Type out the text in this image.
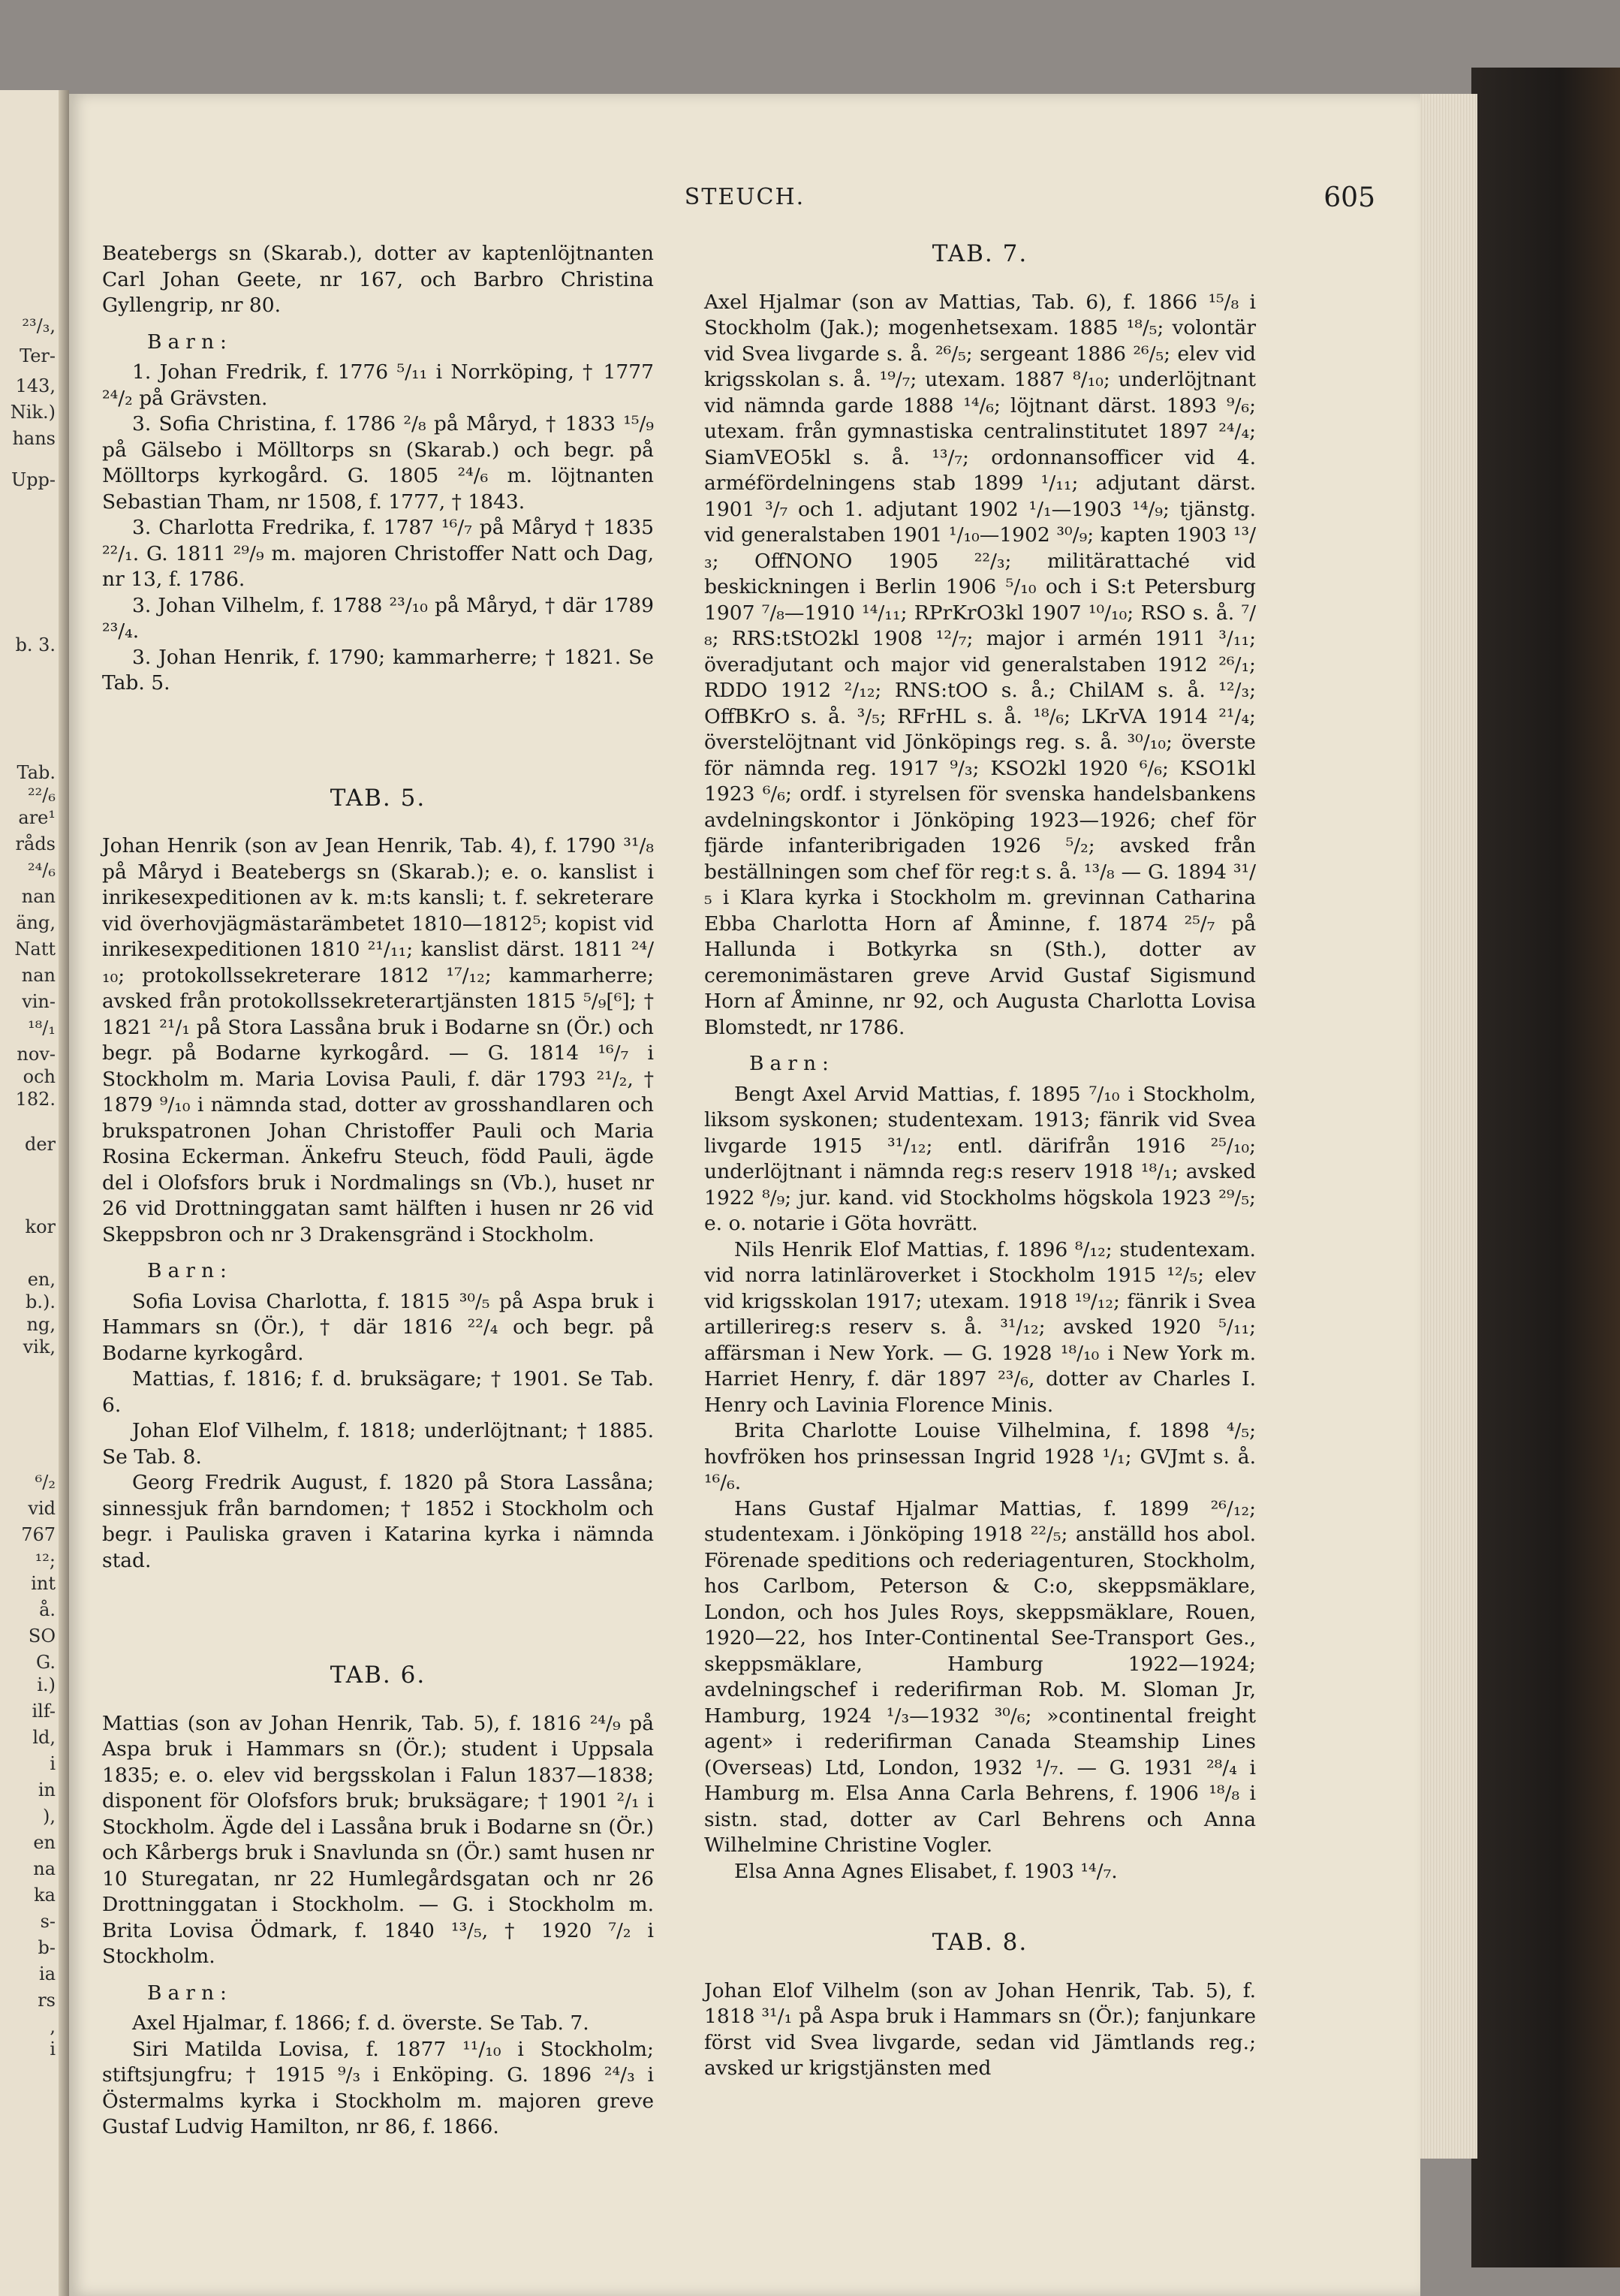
²³/₃,
Ter-
143,
Nik.)
hans
Upp-
b. 3.
Tab.
²²/₆
are¹
råds
²⁴/₆
nan
äng,
Natt
nan
vin-
¹⁸/₁
nov-
och
182.
der
kor
en,
b.).
ng,
vik,
⁶/₂
vid
767
¹²;
int
å.
SO
G.
i.)
ilf-
ld,
i
in
),
en
na
ka
s-
b-
ia
rs
,
i
STEUCH.	605

Beatebergs sn (Skarab.), dotter av kaptenlöjtnanten Carl Johan Geete, nr 167, och Barbro Christina Gyllengrip, nr 80.

Barn:

1. Johan Fredrik, f. 1776 ⁵/₁₁ i Norrköping, † 1777 ²⁴/₂ på Grävsten.

3. Sofia Christina, f. 1786 ²/₈ på Måryd, † 1833 ¹⁵/₉ på Gälsebo i Mölltorps sn (Skarab.) och begr. på Mölltorps kyrkogård. G. 1805 ²⁴/₆ m. löjtnanten Sebastian Tham, nr 1508, f. 1777, † 1843.

3. Charlotta Fredrika, f. 1787 ¹⁶/₇ på Måryd † 1835 ²²/₁. G. 1811 ²⁹/₉ m. majoren Christoffer Natt och Dag, nr 13, f. 1786.

3. Johan Vilhelm, f. 1788 ²³/₁₀ på Måryd, † där 1789 ²³/₄.

3. Johan Henrik, f. 1790; kammarherre; † 1821. Se Tab. 5.

TAB. 5.

Johan Henrik (son av Jean Henrik, Tab. 4), f. 1790 ³¹/₈ på Måryd i Beatebergs sn (Skarab.); e. o. kanslist i inrikesexpeditionen av k. m:ts kansli; t. f. sekreterare vid överhovjägmästarämbetet 1810—1812⁵; kopist vid inrikesexpeditionen 1810 ²¹/₁₁; kanslist därst. 1811 ²⁴/₁₀; protokollssekreterare 1812 ¹⁷/₁₂; kammarherre; avsked från protokollssekreterartjänsten 1815 ⁵/₉[⁶]; † 1821 ²¹/₁ på Stora Lassåna bruk i Bodarne sn (Ör.) och begr. på Bodarne kyrkogård. — G. 1814 ¹⁶/₇ i Stockholm m. Maria Lovisa Pauli, f. där 1793 ²¹/₂, † 1879 ⁹/₁₀ i nämnda stad, dotter av grosshandlaren och brukspatronen Johan Christoffer Pauli och Maria Rosina Eckerman. Änkefru Steuch, född Pauli, ägde del i Olofsfors bruk i Nordmalings sn (Vb.), huset nr 26 vid Drottninggatan samt hälften i husen nr 26 vid Skeppsbron och nr 3 Drakensgränd i Stockholm.

Barn:

Sofia Lovisa Charlotta, f. 1815 ³⁰/₅ på Aspa bruk i Hammars sn (Ör.), † där 1816 ²²/₄ och begr. på Bodarne kyrkogård.

Mattias, f. 1816; f. d. bruksägare; † 1901. Se Tab. 6.

Johan Elof Vilhelm, f. 1818; underlöjtnant; † 1885. Se Tab. 8.

Georg Fredrik August, f. 1820 på Stora Lassåna; sinnessjuk från barndomen; † 1852 i Stockholm och begr. i Pauliska graven i Katarina kyrka i nämnda stad.

TAB. 6.

Mattias (son av Johan Henrik, Tab. 5), f. 1816 ²⁴/₉ på Aspa bruk i Hammars sn (Ör.); student i Uppsala 1835; e. o. elev vid bergsskolan i Falun 1837—1838; disponent för Olofsfors bruk; bruksägare; † 1901 ²/₁ i Stockholm. Ägde del i Lassåna bruk i Bodarne sn (Ör.) och Kårbergs bruk i Snavlunda sn (Ör.) samt husen nr 10 Sturegatan, nr 22 Humlegårdsgatan och nr 26 Drottninggatan i Stockholm. — G. i Stockholm m. Brita Lovisa Ödmark, f. 1840 ¹³/₅, † 1920 ⁷/₂ i Stockholm.

Barn:

Axel Hjalmar, f. 1866; f. d. överste. Se Tab. 7.

Siri Matilda Lovisa, f. 1877 ¹¹/₁₀ i Stockholm; stiftsjungfru; † 1915 ⁹/₃ i Enköping. G. 1896 ²⁴/₃ i Östermalms kyrka i Stockholm m. majoren greve Gustaf Ludvig Hamilton, nr 86, f. 1866.

TAB. 7.

Axel Hjalmar (son av Mattias, Tab. 6), f. 1866 ¹⁵/₈ i Stockholm (Jak.); mogenhetsexam. 1885 ¹⁸/₅; volontär vid Svea livgarde s. å. ²⁶/₅; sergeant 1886 ²⁶/₅; elev vid krigsskolan s. å. ¹⁹/₇; utexam. 1887 ⁸/₁₀; underlöjtnant vid nämnda garde 1888 ¹⁴/₆; löjtnant därst. 1893 ⁹/₆; utexam. från gymnastiska centralinstitutet 1897 ²⁴/₄; SiamVEO5kl s. å. ¹³/₇; ordonnansofficer vid 4. arméfördelningens stab 1899 ¹/₁₁; adjutant därst. 1901 ³/₇ och 1. adjutant 1902 ¹/₁—1903 ¹⁴/₉; tjänstg. vid generalstaben 1901 ¹/₁₀—1902 ³⁰/₉; kapten 1903 ¹³/₃; OffNONO 1905 ²²/₃; militärattaché vid beskickningen i Berlin 1906 ⁵/₁₀ och i S:t Petersburg 1907 ⁷/₈—1910 ¹⁴/₁₁; RPrKrO3kl 1907 ¹⁰/₁₀; RSO s. å. ⁷/₈; RRS:tStO2kl 1908 ¹²/₇; major i armén 1911 ³/₁₁; överadjutant och major vid generalstaben 1912 ²⁶/₁; RDDO 1912 ²/₁₂; RNS:tOO s. å.; ChilAM s. å. ¹²/₃; OffBKrO s. å. ³/₅; RFrHL s. å. ¹⁸/₆; LKrVA 1914 ²¹/₄; överstelöjtnant vid Jönköpings reg. s. å. ³⁰/₁₀; överste för nämnda reg. 1917 ⁹/₃; KSO2kl 1920 ⁶/₆; KSO1kl 1923 ⁶/₆; ordf. i styrelsen för svenska handelsbankens avdelningskontor i Jönköping 1923—1926; chef för fjärde infanteribrigaden 1926 ⁵/₂; avsked från beställningen som chef för reg:t s. å. ¹³/₈ — G. 1894 ³¹/₅ i Klara kyrka i Stockholm m. grevinnan Catharina Ebba Charlotta Horn af Åminne, f. 1874 ²⁵/₇ på Hallunda i Botkyrka sn (Sth.), dotter av ceremonimästaren greve Arvid Gustaf Sigismund Horn af Åminne, nr 92, och Augusta Charlotta Lovisa Blomstedt, nr 1786.

Barn:

Bengt Axel Arvid Mattias, f. 1895 ⁷/₁₀ i Stockholm, liksom syskonen; studentexam. 1913; fänrik vid Svea livgarde 1915 ³¹/₁₂; entl. därifrån 1916 ²⁵/₁₀; underlöjtnant i nämnda reg:s reserv 1918 ¹⁸/₁; avsked 1922 ⁸/₉; jur. kand. vid Stockholms högskola 1923 ²⁹/₅; e. o. notarie i Göta hovrätt.

Nils Henrik Elof Mattias, f. 1896 ⁸/₁₂; studentexam. vid norra latinläroverket i Stockholm 1915 ¹²/₅; elev vid krigsskolan 1917; utexam. 1918 ¹⁹/₁₂; fänrik i Svea artillerireg:s reserv s. å. ³¹/₁₂; avsked 1920 ⁵/₁₁; affärsman i New York. — G. 1928 ¹⁸/₁₀ i New York m. Harriet Henry, f. där 1897 ²³/₆, dotter av Charles I. Henry och Lavinia Florence Minis.

Brita Charlotte Louise Vilhelmina, f. 1898 ⁴/₅; hovfröken hos prinsessan Ingrid 1928 ¹/₁; GVJmt s. å. ¹⁶/₆.

Hans Gustaf Hjalmar Mattias, f. 1899 ²⁶/₁₂; studentexam. i Jönköping 1918 ²²/₅; anställd hos abol. Förenade speditions och rederiagenturen, Stockholm, hos Carlbom, Peterson & C:o, skeppsmäklare, London, och hos Jules Roys, skeppsmäklare, Rouen, 1920—22, hos Inter-Continental See-Transport Ges., skeppsmäklare, Hamburg 1922—1924; avdelningschef i rederifirman Rob. M. Sloman Jr, Hamburg, 1924 ¹/₃—1932 ³⁰/₆; »continental freight agent» i rederifirman Canada Steamship Lines (Overseas) Ltd, London, 1932 ¹/₇. — G. 1931 ²⁸/₄ i Hamburg m. Elsa Anna Carla Behrens, f. 1906 ¹⁸/₈ i sistn. stad, dotter av Carl Behrens och Anna Wilhelmine Christine Vogler.

Elsa Anna Agnes Elisabet, f. 1903 ¹⁴/₇.

TAB. 8.

Johan Elof Vilhelm (son av Johan Henrik, Tab. 5), f. 1818 ³¹/₁ på Aspa bruk i Hammars sn (Ör.); fanjunkare först vid Svea livgarde, sedan vid Jämtlands reg.; avsked ur krigstjänsten med
